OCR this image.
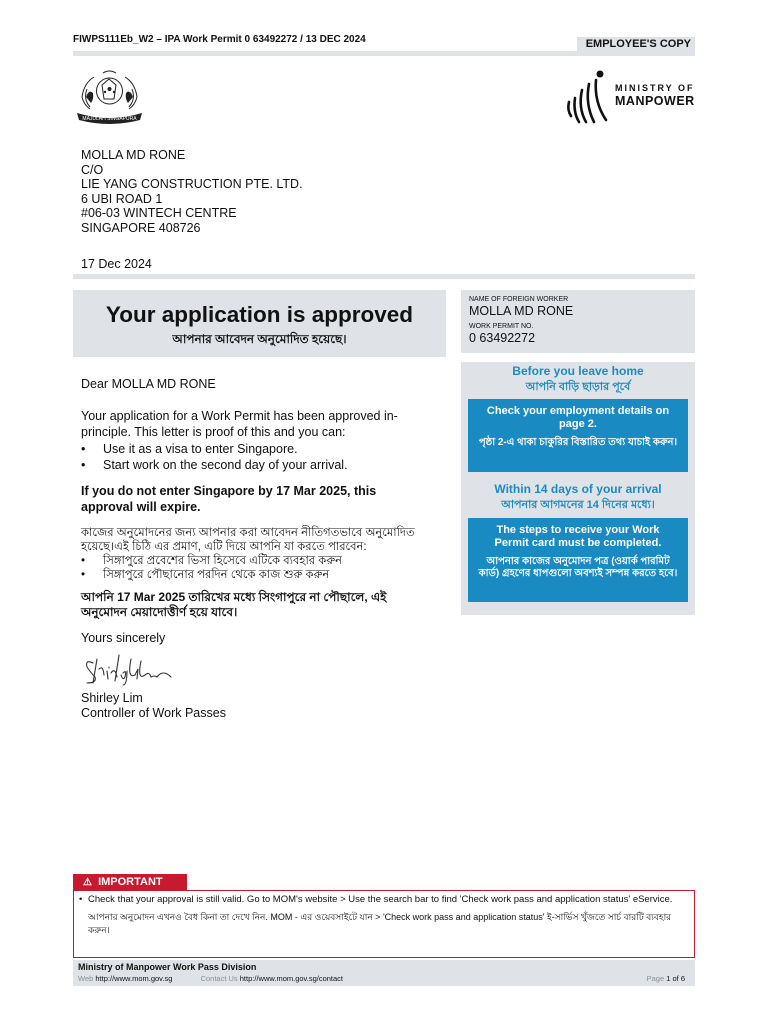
FIWPS111Eb_W2 – IPA Work Permit 0 63492272 / 13 DEC 2024	EMPLOYEE'S COPY
MAJULAH SINGAPURA
MINISTRY OF
MANPOWER
MOLLA MD RONE
C/O
LIE YANG CONSTRUCTION PTE. LTD.
6 UBI ROAD 1
#06-03 WINTECH CENTRE
SINGAPORE 408726
17 Dec 2024
Your application is approved
আপনার আবেদন অনুমোদিত হয়েছে।
NAME OF FOREIGN WORKER
MOLLA MD RONE
WORK PERMIT NO.
0 63492272
Before you leave home
আপনি বাড়ি ছাড়ার পূর্বে
Check your employment details on page 2.
পৃষ্ঠা 2-এ থাকা চাকুরির বিস্তারিত তথ্য যাচাই করুন।
Within 14 days of your arrival
আপনার আগমনের 14 দিনের মধ্যে।
The steps to receive your Work Permit card must be completed.
আপনার কাজের অনুমোদন পত্র (ওয়ার্ক পারমিট কার্ড) গ্রহণের ধাপগুলো অবশ্যই সম্পন্ন করতে হবে।

Dear MOLLA MD RONE

Your application for a Work Permit has been approved in-principle. This letter is proof of this and you can:

• Use it as a visa to enter Singapore.
• Start work on the second day of your arrival.

If you do not enter Singapore by 17 Mar 2025, this approval will expire.

কাজের অনুমোদনের জন্য আপনার করা আবেদন নীতিগতভাবে অনুমোদিত হয়েছে।এই চিঠি এর প্রমাণ, এটি দিয়ে আপনি যা করতে পারবেন:

• সিঙ্গাপুরে প্রবেশের ভিসা হিসেবে এটিকে ব্যবহার করুন
• সিঙ্গাপুরে পৌছানোর পরদিন থেকে কাজ শুরু করুন

আপনি 17 Mar 2025 তারিখের মধ্যে সিংগাপুরে না পৌছালে, এই অনুমোদন মেয়াদোত্তীর্ণ হয়ে যাবে।

Yours sincerely

Shirley Lim
Controller of Work Passes
⚠ IMPORTANT
• Check that your approval is still valid. Go to MOM's website > Use the search bar to find 'Check work pass and application status' eService.
আপনার অনুমোদন এখনও বৈধ কিনা তা দেখে নিন. MOM - এর ওয়েবসাইটে যান > 'Check work pass and application status' ই-সার্ভিস খুঁজতে সার্চ বারটি ব্যবহার করুন।
Ministry of Manpower Work Pass Division
Web http://www.mom.gov.sg	Contact Us http://www.mom.gov.sg/contact	Page 1 of 6
